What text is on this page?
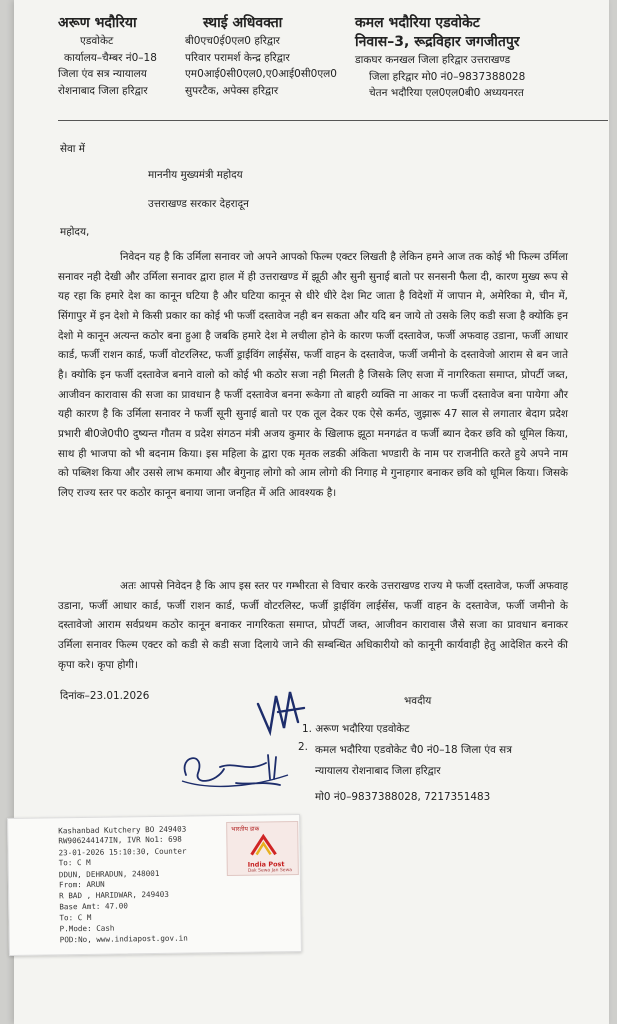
अरूण भदौरिया
एडवोकेट
कार्यालय–चैम्बर नं0–18
जिला एंव सत्र न्यायालय
रोशनाबाद जिला हरिद्वार
स्थाई अधिवक्ता
बी0एच0ई0एल0 हरिद्वार
परिवार परामर्श केन्द्र हरिद्वार
एम0आई0सी0एल0,ए0आई0सी0एल0
सुपरटैक, अपेक्स हरिद्वार
कमल भदौरिया एडवोकेट
निवास–3, रूद्रविहार जगजीतपुर
डाकघर कनखल जिला हरिद्वार उत्तराखण्ड
जिला हरिद्वार मो0 नं0–9837388028
चेतन भदौरिया एल0एल0बी0 अध्ययनरत
सेवा में
माननीय मुख्यमंत्री महोदय
उत्तराखण्ड सरकार देहरादून
महोदय,
निवेदन यह है कि उर्मिला सनावर जो अपने आपको फिल्म एक्टर लिखती है लेकिन हमने आज तक कोई भी फिल्म उर्मिला सनावर नही देखी और उर्मिला सनावर द्वारा हाल में ही उत्तराखण्ड में झूठी और सुनी सुनाई बातो पर सनसनी फैला दी, कारण मुख्य रूप से यह रहा कि हमारे देश का कानून घटिया है और घटिया कानून से धीरे धीरे देश मिट जाता है विदेशों में जापान मे, अमेरिका मे, चीन में, सिंगापुर में इन देशो मे किसी प्रकार का कोई भी फर्जी दस्तावेज नही बन सकता और यदि बन जाये तो उसके लिए कडी सजा है क्योकि इन देशो मे कानून अत्यन्त कठोर बना हुआ है जबकि हमारे देश मे लचीला होने के कारण फर्जी दस्तावेज, फर्जी अफवाह उडाना, फर्जी आधार कार्ड, फर्जी राशन कार्ड, फर्जी वोटरलिस्ट, फर्जी ड्राईविंग लाईसेंस, फर्जी वाहन के दस्तावेज, फर्जी जमीनो के दस्तावेजो आराम से बन जाते है। क्योकि इन फर्जी दस्तावेज बनाने वालो को कोई भी कठोर सजा नही मिलती है जिसके लिए सजा में नागरिकता समाप्त, प्रोपर्टी जब्त, आजीवन कारावास की सजा का प्रावधान है फर्जी दस्तावेज बनना रूकेगा तो बाहरी व्यक्ति ना आकर ना फर्जी दस्तावेज बना पायेगा और यही कारण है कि उर्मिला सनावर ने फर्जी सूनी सुनाई बातो पर एक तूल देकर एक ऐसे कर्मठ, जुझारू 47 साल से लगातार बेदाग प्रदेश प्रभारी बी0जे0पी0 दुष्यन्त गौतम व प्रदेश संगठन मंत्री अजय कुमार के खिलाफ झूठा मनगढंत व फर्जी ब्यान देकर छवि को धूमिल किया, साथ ही भाजपा को भी बदनाम किया। इस महिला के द्वारा एक मृतक लडकी अंकिता भण्डारी के नाम पर राजनीति करते हुये अपने नाम को पब्लिश किया और उससे लाभ कमाया और बेगुनाह लोगो को आम लोगो की निगाह मे गुनाहगार बनाकर छवि को धूमिल किया। जिसके लिए राज्य स्तर पर कठोर कानून बनाया जाना जनहित में अति आवश्यक है।
अतः आपसे निवेदन है कि आप इस स्तर पर गम्भीरता से विचार करके उत्तराखण्ड राज्य मे फर्जी दस्तावेज, फर्जी अफवाह उडाना, फर्जी आधार कार्ड, फर्जी राशन कार्ड, फर्जी वोटरलिस्ट, फर्जी ड्राईविंग लाईसेंस, फर्जी वाहन के दस्तावेज, फर्जी जमीनो के दस्तावेजो आराम सर्वप्रथम कठोर कानून बनाकर नागरिकता समाप्त, प्रोपर्टी जब्त, आजीवन कारावास जैसे सजा का प्रावधान बनाकर उर्मिला सनावर फिल्म एक्टर को कडी से कडी सजा दिलाये जाने की सम्बन्धित अधिकारीयो को कानूनी कार्यवाही हेतु आदेशित करने की कृपा करे। कृपा होगी।
दिनांक–23.01.2026	भवदीय
1. अरूण भदौरिया एडवोकेट
2. कमल भदौरिया एडवोकेट चै0 नं0–18 जिला एंव सत्र
न्यायालय रोशनाबाद जिला हरिद्वार
मो0 नं0–9837388028, 7217351483
Kashanbad Kutchery BO 249403
RW906244147IN, IVR No1: 698
23-01-2026 15:10:30, Counter
To: C M
DDUN, DEHRADUN, 248001
From: ARUN
R BAD , HARIDWAR, 249403
Base Amt: 47.00
To: C M
P.Mode: Cash
POD:No, www.indiapost.gov.in
भारतीय डाक
India Post
Dak Sewa Jan Sewa
